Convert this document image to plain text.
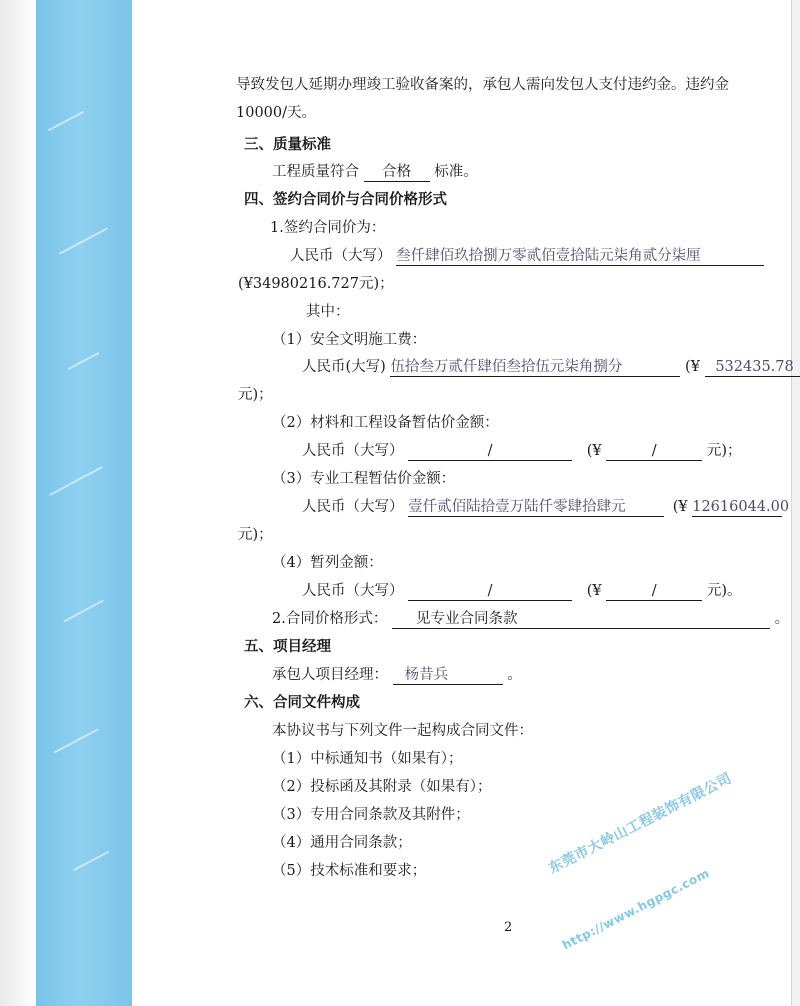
导致发包人延期办理竣工验收备案的，承包人需向发包人支付违约金。违约金
10000/天。
三、质量标准
工程质量符合 合格 标准。
四、签约合同价与合同价格形式
1.签约合同价为：
人民币（大写） 叁仟肆佰玖拾捌万零贰佰壹拾陆元柒角贰分柒厘
(¥34980216.727元)；
其中：
（1）安全文明施工费：
人民币(大写) 伍拾叁万贰仟肆佰叁拾伍元柒角捌分	(¥ 532435.78
元)；
（2）材料和工程设备暂估价金额：
人民币（大写）	/	(¥	/	元)；
（3）专业工程暂估价金额：
人民币（大写） 壹仟贰佰陆拾壹万陆仟零肆拾肆元	(¥ 12616044.00
元)；
（4）暂列金额：
人民币（大写）	/	(¥	/	元)。
2.合同价格形式： 见专业合同条款	。
五、项目经理
承包人项目经理： 杨昔兵	。
六、合同文件构成
本协议书与下列文件一起构成合同文件：
（1）中标通知书（如果有）；
（2）投标函及其附录（如果有）；
（3）专用合同条款及其附件；
（4）通用合同条款；
（5）技术标准和要求；
2
东莞市大岭山工程装饰有限公司
http://www.hgpgc.com
